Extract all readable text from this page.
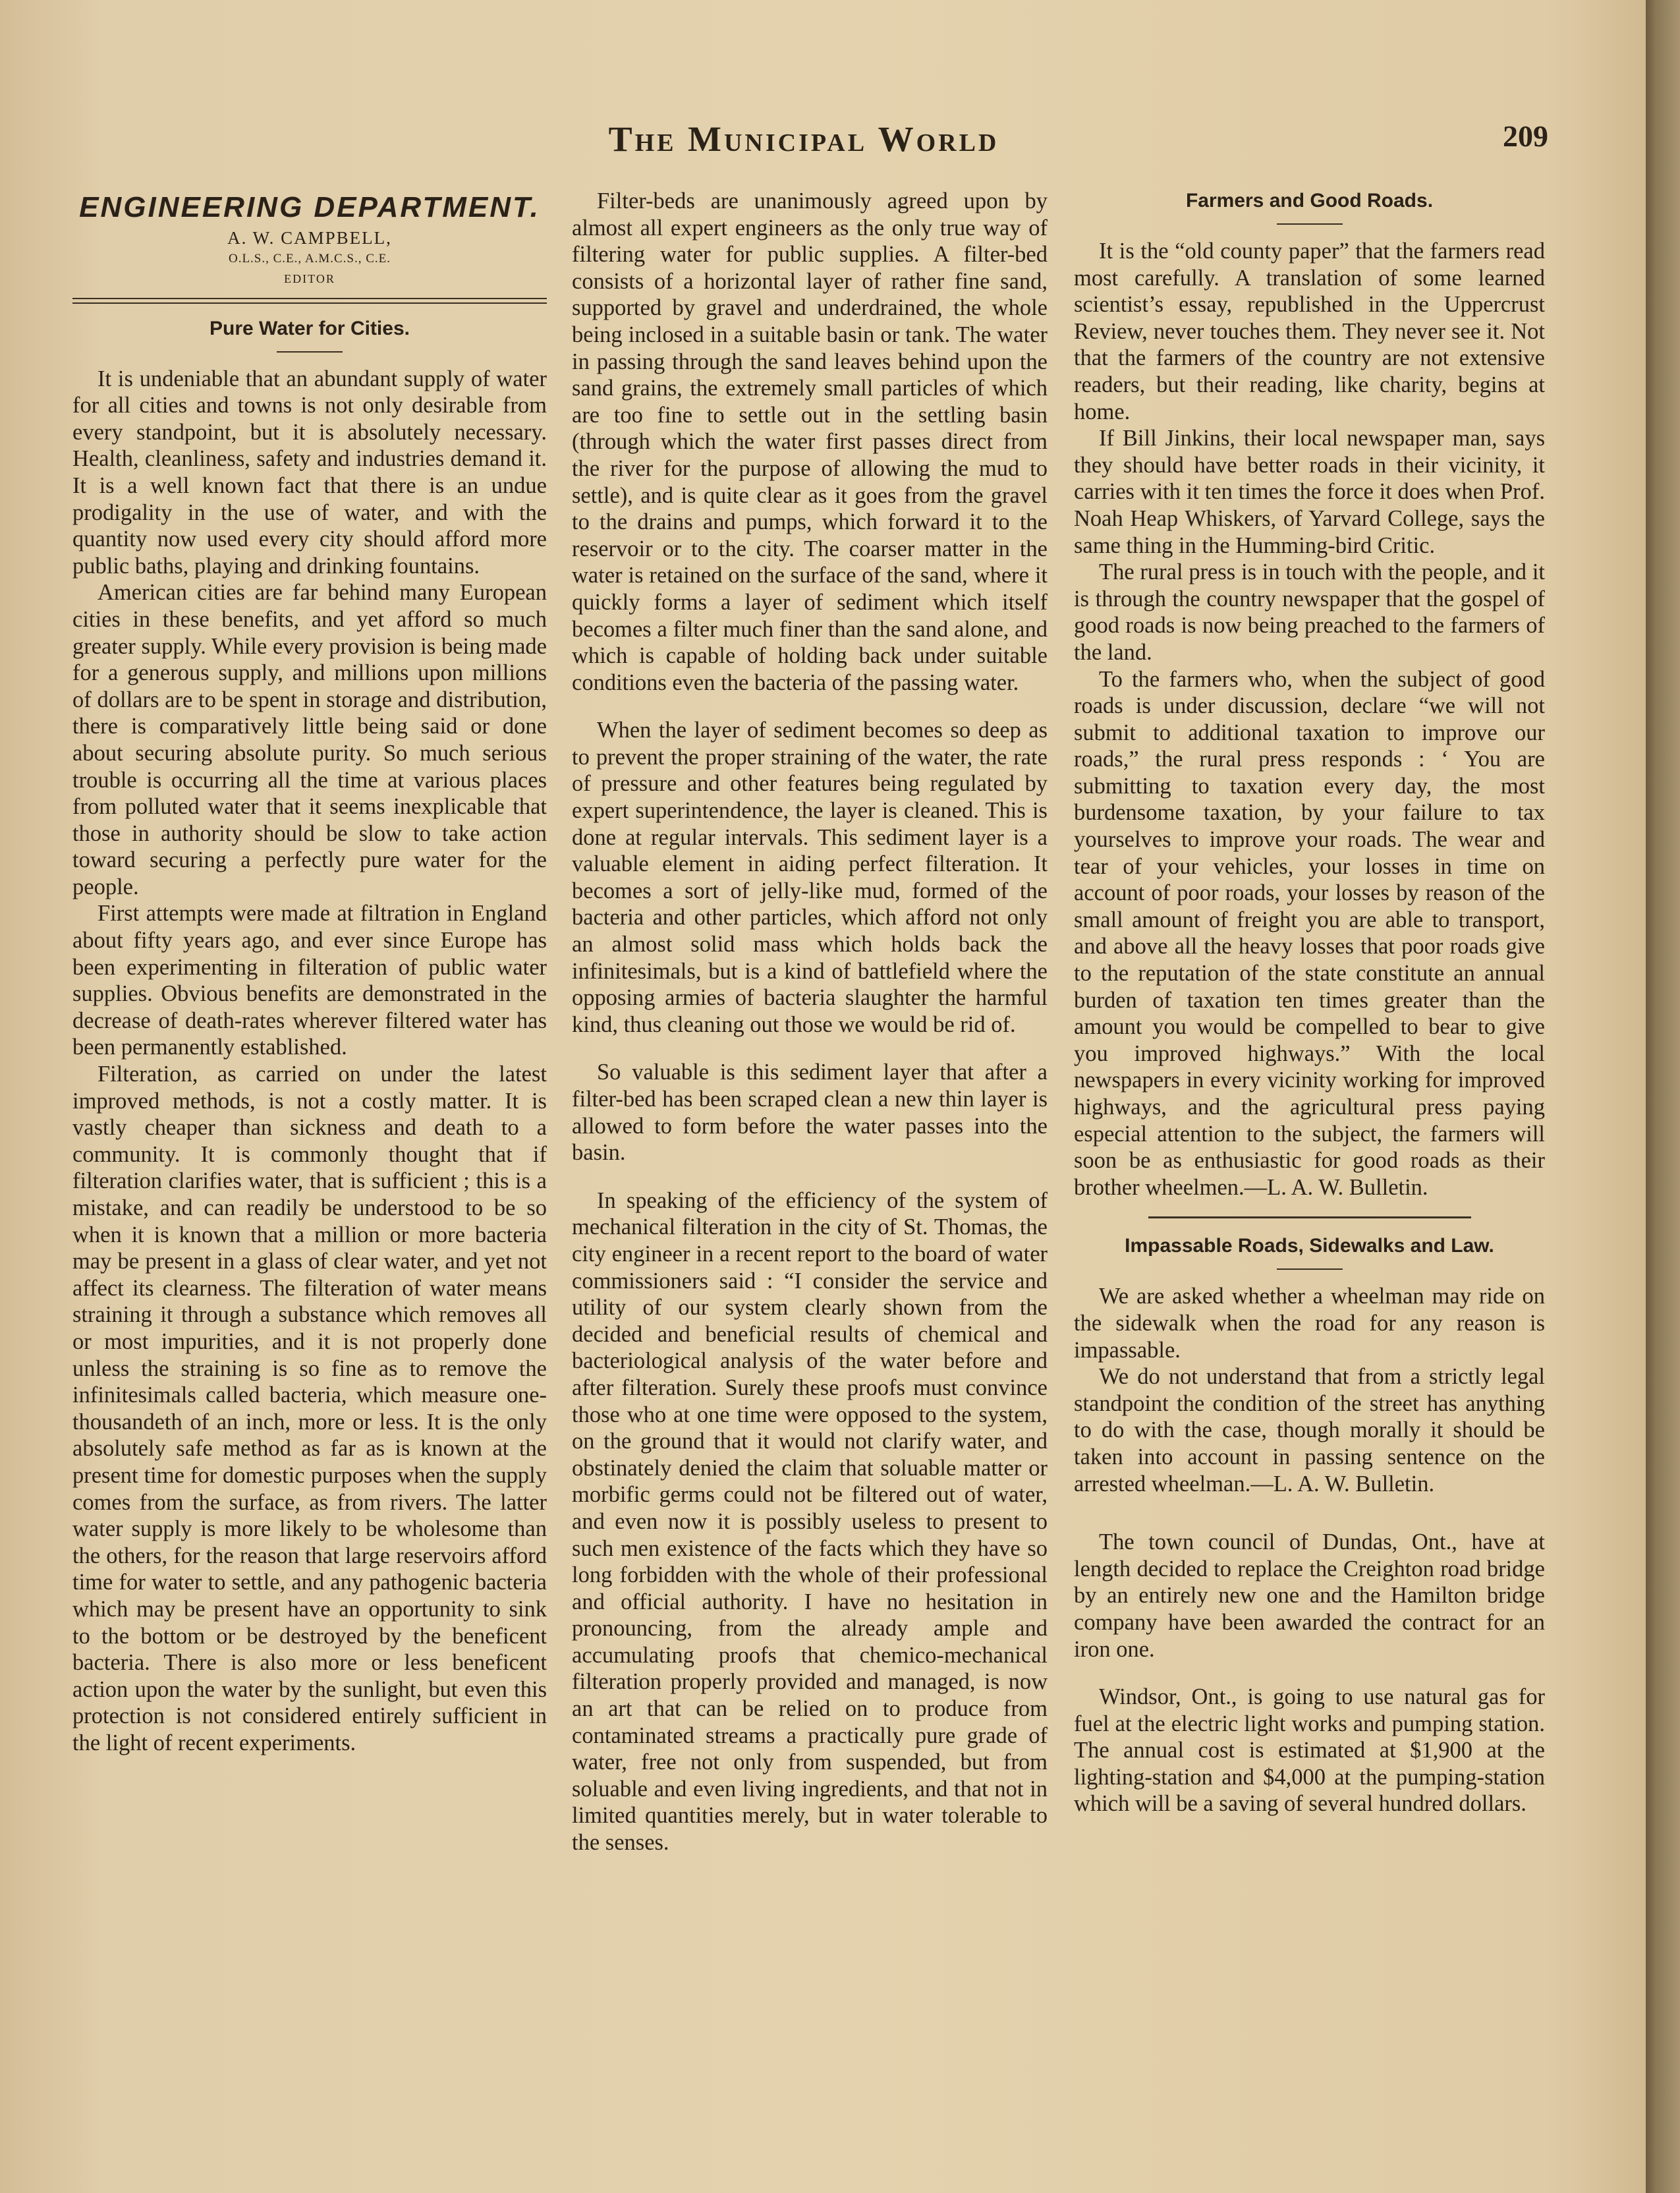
The Municipal World	209
ENGINEERING DEPARTMENT.
A. W. CAMPBELL,
O.L.S., C.E., A.M.C.S., C.E.
EDITOR
Pure Water for Cities.

It is undeniable that an abundant supply of water for all cities and towns is not only desirable from every standpoint, but it is absolutely necessary. Health, cleanliness, safety and industries demand it. It is a well known fact that there is an undue prodigality in the use of water, and with the quantity now used every city should afford more public baths, playing and drinking fountains.

American cities are far behind many European cities in these benefits, and yet afford so much greater supply. While every provision is being made for a generous supply, and millions upon millions of dollars are to be spent in storage and distribution, there is comparatively little being said or done about securing absolute purity. So much serious trouble is occurring all the time at various places from polluted water that it seems inexplicable that those in authority should be slow to take action toward securing a perfectly pure water for the people.

First attempts were made at filtration in England about fifty years ago, and ever since Europe has been experimenting in filteration of public water supplies. Obvious benefits are demonstrated in the decrease of death-rates wherever filtered water has been permanently established.

Filteration, as carried on under the latest improved methods, is not a costly matter. It is vastly cheaper than sickness and death to a community. It is commonly thought that if filteration clarifies water, that is sufficient ; this is a mistake, and can readily be understood to be so when it is known that a million or more bacteria may be present in a glass of clear water, and yet not affect its clearness. The filteration of water means straining it through a substance which removes all or most impurities, and it is not properly done unless the straining is so fine as to remove the infinitesimals called bacteria, which measure one-thousandeth of an inch, more or less. It is the only absolutely safe method as far as is known at the present time for domestic purposes when the supply comes from the surface, as from rivers. The latter water supply is more likely to be wholesome than the others, for the reason that large reservoirs afford time for water to settle, and any pathogenic bacteria which may be present have an opportunity to sink to the bottom or be destroyed by the beneficent bacteria. There is also more or less beneficent action upon the water by the sunlight, but even this protection is not considered entirely sufficient in the light of recent experiments.

Filter-beds are unanimously agreed upon by almost all expert engineers as the only true way of filtering water for public supplies. A filter-bed consists of a horizontal layer of rather fine sand, supported by gravel and underdrained, the whole being inclosed in a suitable basin or tank. The water in passing through the sand leaves behind upon the sand grains, the extremely small particles of which are too fine to settle out in the settling basin (through which the water first passes direct from the river for the purpose of allowing the mud to settle), and is quite clear as it goes from the gravel to the drains and pumps, which forward it to the reservoir or to the city. The coarser matter in the water is retained on the surface of the sand, where it quickly forms a layer of sediment which itself becomes a filter much finer than the sand alone, and which is capable of holding back under suitable conditions even the bacteria of the passing water.

When the layer of sediment becomes so deep as to prevent the proper straining of the water, the rate of pressure and other features being regulated by expert superintendence, the layer is cleaned. This is done at regular intervals. This sediment layer is a valuable element in aiding perfect filteration. It becomes a sort of jelly-like mud, formed of the bacteria and other particles, which afford not only an almost solid mass which holds back the infinitesimals, but is a kind of battlefield where the opposing armies of bacteria slaughter the harmful kind, thus cleaning out those we would be rid of.

So valuable is this sediment layer that after a filter-bed has been scraped clean a new thin layer is allowed to form before the water passes into the basin.

In speaking of the efficiency of the system of mechanical filteration in the city of St. Thomas, the city engineer in a recent report to the board of water commissioners said : “I consider the service and utility of our system clearly shown from the decided and beneficial results of chemical and bacteriological analysis of the water before and after filteration. Surely these proofs must convince those who at one time were opposed to the system, on the ground that it would not clarify water, and obstinately denied the claim that soluable matter or morbific germs could not be filtered out of water, and even now it is possibly useless to present to such men existence of the facts which they have so long forbidden with the whole of their professional and official authority. I have no hesitation in pronouncing, from the already ample and accumulating proofs that chemico-mechanical filteration properly provided and managed, is now an art that can be relied on to produce from contaminated streams a practically pure grade of water, free not only from suspended, but from soluable and even living ingredients, and that not in limited quantities merely, but in water tolerable to the senses.

Farmers and Good Roads.

It is the “old county paper” that the farmers read most carefully. A translation of some learned scientist’s essay, republished in the Uppercrust Review, never touches them. They never see it. Not that the farmers of the country are not extensive readers, but their reading, like charity, begins at home.

If Bill Jinkins, their local newspaper man, says they should have better roads in their vicinity, it carries with it ten times the force it does when Prof. Noah Heap Whiskers, of Yarvard College, says the same thing in the Humming-bird Critic.

The rural press is in touch with the people, and it is through the country newspaper that the gospel of good roads is now being preached to the farmers of the land.

To the farmers who, when the subject of good roads is under discussion, declare “we will not submit to additional taxation to improve our roads,” the rural press responds : ‘ You are submitting to taxation every day, the most burdensome taxation, by your failure to tax yourselves to improve your roads. The wear and tear of your vehicles, your losses in time on account of poor roads, your losses by reason of the small amount of freight you are able to transport, and above all the heavy losses that poor roads give to the reputation of the state constitute an annual burden of taxation ten times greater than the amount you would be compelled to bear to give you improved highways.” With the local newspapers in every vicinity working for improved highways, and the agricultural press paying especial attention to the subject, the farmers will soon be as enthusiastic for good roads as their brother wheelmen.—L. A. W. Bulletin.

Impassable Roads, Sidewalks and Law.

We are asked whether a wheelman may ride on the sidewalk when the road for any reason is impassable.

We do not understand that from a strictly legal standpoint the condition of the street has anything to do with the case, though morally it should be taken into account in passing sentence on the arrested wheelman.—L. A. W. Bulletin.

The town council of Dundas, Ont., have at length decided to replace the Creighton road bridge by an entirely new one and the Hamilton bridge company have been awarded the contract for an iron one.

Windsor, Ont., is going to use natural gas for fuel at the electric light works and pumping station. The annual cost is estimated at $1,900 at the lighting-station and $4,000 at the pumping-station which will be a saving of several hundred dollars.
